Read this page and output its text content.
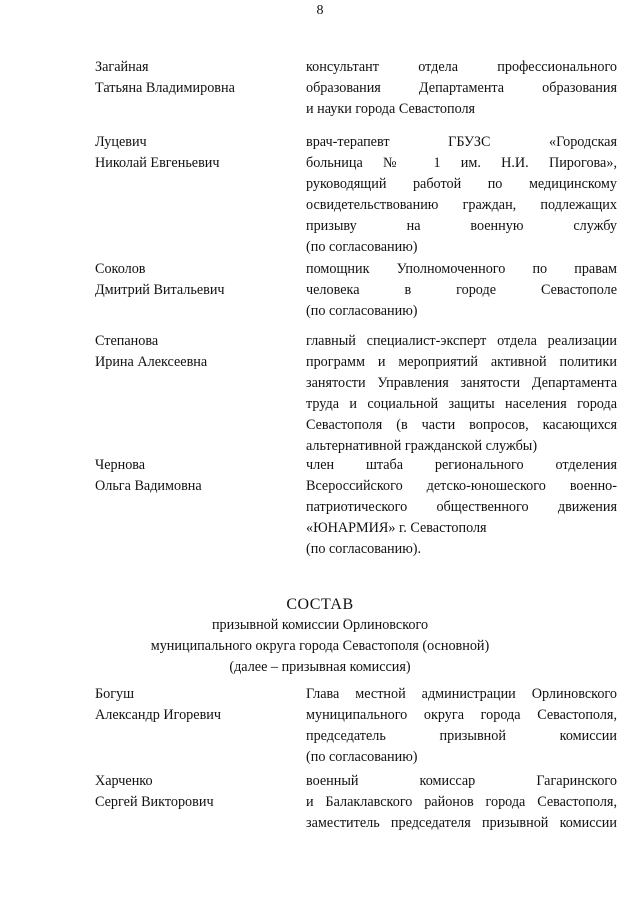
8
Загайная
Татьяна Владимировна
консультант отдела профессионального
образования Департамента образования
и науки города Севастополя
Луцевич
Николай Евгеньевич
врач-терапевт ГБУЗС «Городская
больница № 1 им. Н.И. Пирогова»,
руководящий работой по медицинскому
освидетельствованию граждан, подлежащих
призыву на военную службу
(по согласованию)
Соколов
Дмитрий Витальевич
помощник Уполномоченного по правам
человека в городе Севастополе
(по согласованию)
Степанова
Ирина Алексеевна
главный специалист-эксперт отдела реализации
программ и мероприятий активной политики
занятости Управления занятости Департамента
труда и социальной защиты населения города
Севастополя (в части вопросов, касающихся
альтернативной гражданской службы)
Чернова
Ольга Вадимовна
член штаба регионального отделения
Всероссийского детско-юношеского военно-
патриотического общественного движения
«ЮНАРМИЯ» г. Севастополя
(по согласованию).
СОСТАВ
призывной комиссии Орлиновского
муниципального округа города Севастополя (основной)
(далее – призывная комиссия)
Богуш
Александр Игоревич
Глава местной администрации Орлиновского
муниципального округа города Севастополя,
председатель призывной комиссии
(по согласованию)
Харченко
Сергей Викторович
военный комиссар Гагаринского
и Балаклавского районов города Севастополя,
заместитель председателя призывной комиссии
